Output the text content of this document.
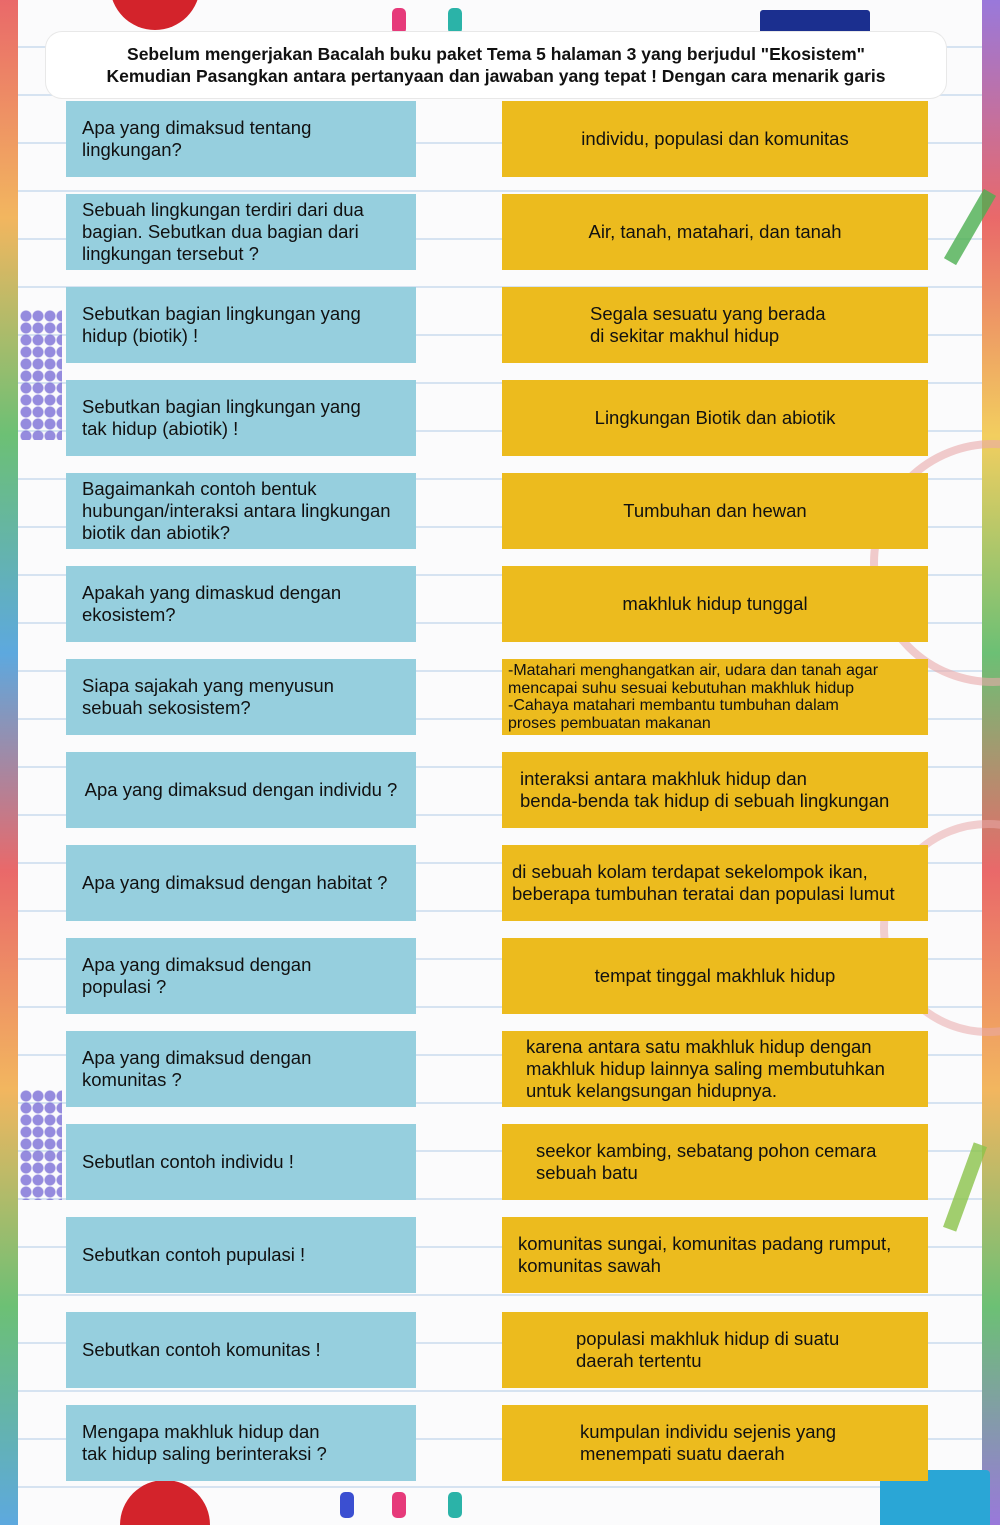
Sebelum mengerjakan Bacalah buku paket Tema 5 halaman 3 yang berjudul "Ekosistem"
Kemudian Pasangkan antara pertanyaan dan jawaban yang tepat ! Dengan cara menarik garis
Apa yang dimaksud tentang
lingkungan?
individu, populasi dan komunitas
Sebuah lingkungan terdiri dari dua
bagian. Sebutkan dua bagian dari
lingkungan tersebut ?
Air, tanah, matahari, dan tanah
Sebutkan bagian lingkungan yang
hidup (biotik) !
Segala sesuatu yang berada
di sekitar makhul hidup
Sebutkan bagian lingkungan yang
tak hidup (abiotik) !
Lingkungan Biotik dan abiotik
Bagaimankah contoh bentuk
hubungan/interaksi antara lingkungan
biotik dan abiotik?
Tumbuhan dan hewan
Apakah yang dimaskud dengan
ekosistem?
makhluk hidup tunggal
Siapa sajakah yang menyusun
sebuah sekosistem?
-Matahari menghangatkan air, udara dan tanah agar
mencapai suhu sesuai kebutuhan makhluk hidup
-Cahaya matahari membantu tumbuhan dalam
proses pembuatan makanan
Apa yang dimaksud dengan individu ?
interaksi antara makhluk hidup dan
benda-benda tak hidup di sebuah lingkungan
Apa yang dimaksud dengan habitat ?
di sebuah kolam terdapat sekelompok ikan,
beberapa tumbuhan teratai dan populasi lumut
Apa yang dimaksud dengan
populasi ?
tempat tinggal makhluk hidup
Apa yang dimaksud dengan
komunitas ?
karena antara satu makhluk hidup dengan
makhluk hidup lainnya saling membutuhkan
untuk kelangsungan hidupnya.
Sebutlan contoh individu !
seekor kambing, sebatang pohon cemara
sebuah batu
Sebutkan contoh pupulasi !
komunitas sungai, komunitas padang rumput,
komunitas sawah
Sebutkan contoh komunitas !
populasi makhluk hidup di suatu
daerah tertentu
Mengapa makhluk hidup dan
tak hidup saling berinteraksi ?
kumpulan individu sejenis yang
menempati suatu daerah
